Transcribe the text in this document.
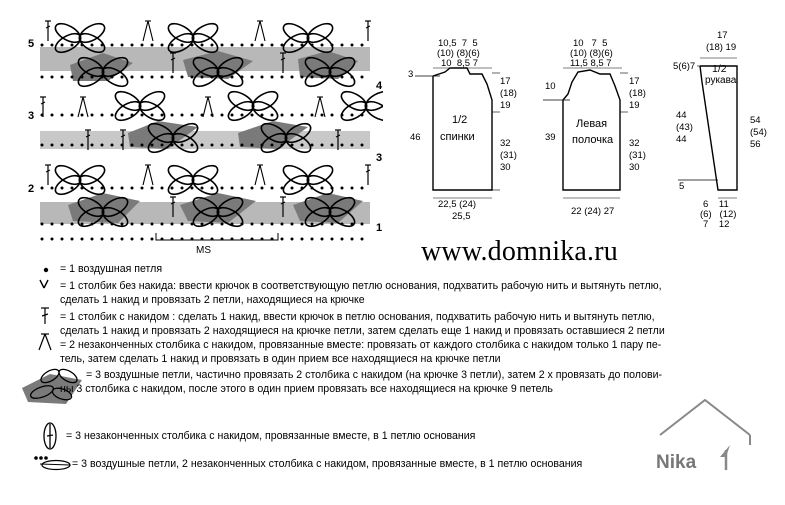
5
3
2
4
3
1
MS
10,5 7 5
(10) (8)(6)
10 8,5 7
3
46
17
(18)
19
32
(31)
30
1/2
спинки
22,5 (24)
25,5
10 7 5
(10) (8)(6)
11,5 8,5 7
10
39
17
(18)
19
32
(31)
30
Левая
полочка
22 (24) 27
17
(18) 19
5(6)7 1/2
рукава
44
(43)
44
54
(54)
56
5
6 11
(6) (12)
7 12
www.domnika.ru
= 1 воздушная петля
= 1 столбик без накида: ввести крючок в соответствующую петлю основания, подхватить рабочую нить и вытянуть петлю,
сделать 1 накид и провязать 2 петли, находящиеся на крючке
= 1 столбик с накидом : сделать 1 накид, ввести крючок в петлю основания, подхватить рабочую нить и вытянуть петлю,
сделать 1 накид и провязать 2 находящиеся на крючке петли, затем сделать еще 1 накид и провязать оставшиеся 2 петли
= 2 незаконченных столбика с накидом, провязанные вместе: провязать от каждого столбика с накидом только 1 пару пе-
тель, затем сделать 1 накид и провязать в один прием все находящиеся на крючке петли
= 3 воздушные петли, частично провязать 2 столбика с накидом (на крючке 3 петли), затем 2 х провязать до полови-
ны 3 столбика с накидом, после этого в один прием провязать все находящиеся на крючке 9 петель
= 3 незаконченных столбика с накидом, провязанные вместе, в 1 петлю основания
= 3 воздушные петли, 2 незаконченных столбика с накидом, провязанные вместе, в 1 петлю основания	Nika
